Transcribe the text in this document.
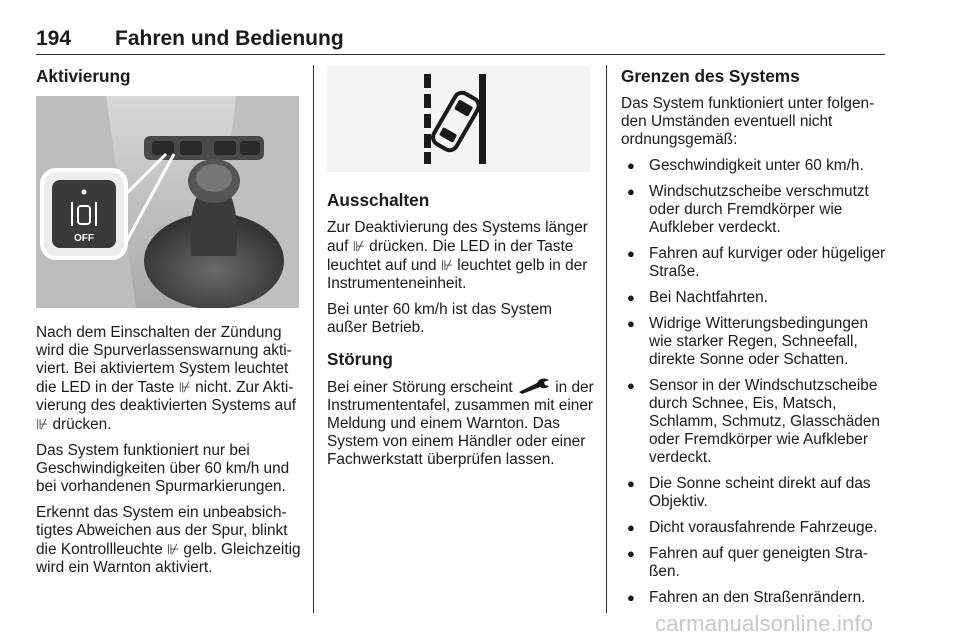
194 Fahren und Bedienung
Aktivierung
OFF

Nach dem Einschalten der Zündung wird die Spurverlassenswarnung aktiviert. Bei aktiviertem System leuchtet die LED in der Taste ⊮ nicht. Zur Aktivierung des deaktivierten Systems auf ⊮ drücken.

Das System funktioniert nur bei Geschwindigkeiten über 60 km/h und bei vorhandenen Spurmarkierungen.

Erkennt das System ein unbeabsichtigtes Abweichen aus der Spur, blinkt die Kontrollleuchte ⊮ gelb. Gleichzeitig wird ein Warnton aktiviert.

Ausschalten

Zur Deaktivierung des Systems länger auf ⊮ drücken. Die LED in der Taste leuchtet auf und ⊮ leuchtet gelb in der Instrumenteneinheit.

Bei unter 60 km/h ist das System außer Betrieb.

Störung

Bei einer Störung erscheint  in der Instrumententafel, zusammen mit einer Meldung und einem Warnton. Das System von einem Händler oder einer Fachwerkstatt überprüfen lassen.

Grenzen des Systems

Das System funktioniert unter folgenden Umständen eventuell nicht ordnungsgemäß:

● Geschwindigkeit unter 60 km/h.
● Windschutzscheibe verschmutzt oder durch Fremdkörper wie Aufkleber verdeckt.
● Fahren auf kurviger oder hügeliger Straße.
● Bei Nachtfahrten.
● Widrige Witterungsbedingungen wie starker Regen, Schneefall, direkte Sonne oder Schatten.
● Sensor in der Windschutzscheibe durch Schnee, Eis, Matsch, Schlamm, Schmutz, Glasschäden oder Fremdkörper wie Aufkleber verdeckt.
● Die Sonne scheint direkt auf das Objektiv.
● Dicht vorausfahrende Fahrzeuge.
● Fahren auf quer geneigten Straßen.
● Fahren an den Straßenrändern.
carmanualsonline.info
